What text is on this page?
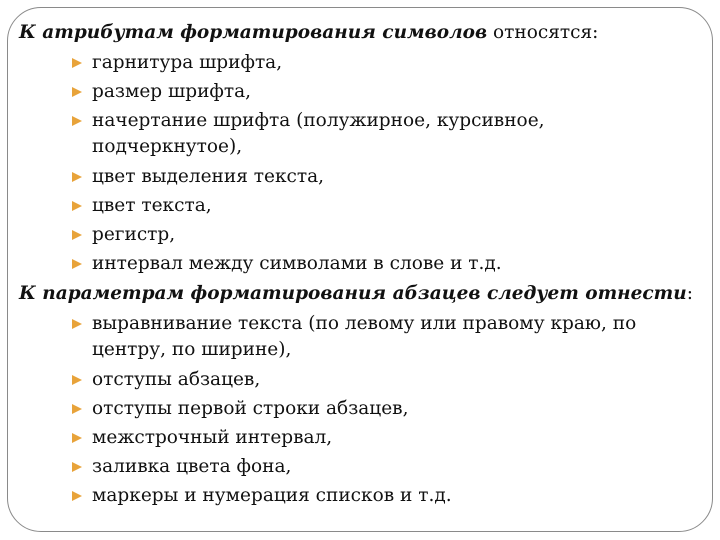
К атрибутам форматирования символов относятся:
гарнитура шрифта,
размер шрифта,
начертание шрифта (полужирное, курсивное, подчеркнутое),
цвет выделения текста,
цвет текста,
регистр,
интервал между символами в слове и т.д.
К параметрам форматирования абзацев следует отнести:
выравнивание текста (по левому или правому краю, по центру, по ширине),
отступы абзацев,
отступы первой строки абзацев,
межстрочный интервал,
заливка цвета фона,
маркеры и нумерация списков и т.д.
